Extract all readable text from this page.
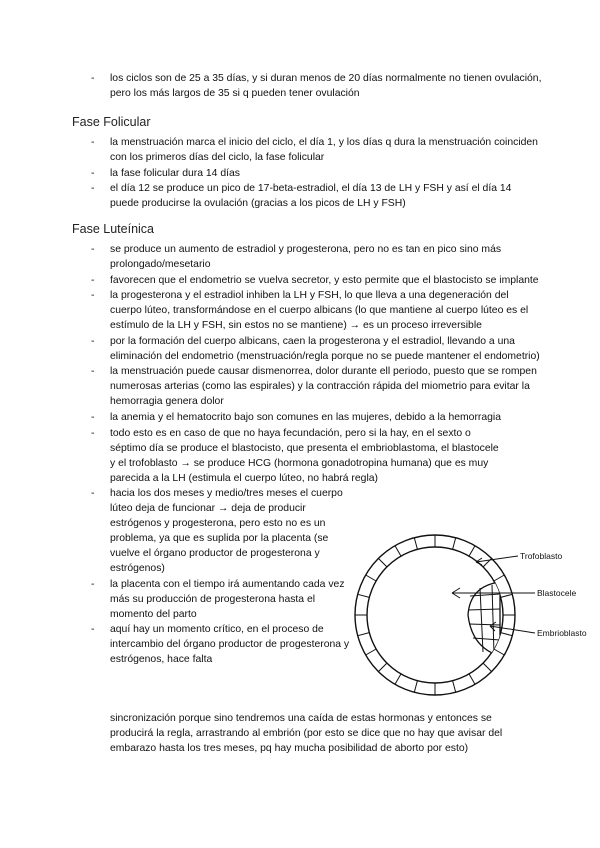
- los ciclos son de 25 a 35 días, y si duran menos de 20 días normalmente no tienen ovulación, pero los más largos de 35 si q pueden tener ovulación
Fase Folicular
- la menstruación marca el inicio del ciclo, el día 1, y los días q dura la menstruación coinciden con los primeros días del ciclo, la fase folicular
- la fase folicular dura 14 días
- el día 12 se produce un pico de 17-beta-estradiol, el día 13 de LH y FSH y así el día 14 puede producirse la ovulación (gracias a los picos de LH y FSH)
Fase Luteínica
- se produce un aumento de estradiol y progesterona, pero no es tan en pico sino más prolongado/mesetario
- favorecen que el endometrio se vuelva secretor, y esto permite que el blastocisto se implante
- la progesterona y el estradiol inhiben la LH y FSH, lo que lleva a una degeneración del cuerpo lúteo, transformándose en el cuerpo albicans (lo que mantiene al cuerpo lúteo es el estímulo de la LH y FSH, sin estos no se mantiene) → es un proceso irreversible
- por la formación del cuerpo albicans, caen la progesterona y el estradiol, llevando a una eliminación del endometrio (menstruación/regla porque no se puede mantener el endometrio)
- la menstruación puede causar dismenorrea, dolor durante ell periodo, puesto que se rompen numerosas arterias (como las espirales) y la contracción rápida del miometrio para evitar la hemorragia genera dolor
- la anemia y el hematocrito bajo son comunes en las mujeres, debido a la hemorragia
- todo esto es en caso de que no haya fecundación, pero si la hay, en el sexto o séptimo día se produce el blastocisto, que presenta el embrioblastoma, el blastocele y el trofoblasto → se produce HCG (hormona gonadotropina humana) que es muy parecida a la LH (estimula el cuerpo lúteo, no habrá regla)
- hacia los dos meses y medio/tres meses el cuerpo lúteo deja de funcionar → deja de producir estrógenos y progesterona, pero esto no es un problema, ya que es suplida por la placenta (se vuelve el órgano productor de progesterona y estrógenos)
- la placenta con el tiempo irá aumentando cada vez más su producción de progesterona hasta el momento del parto
- aquí hay un momento crítico, en el proceso de intercambio del órgano productor de progesterona y estrógenos, hace falta
sincronización porque sino tendremos una caída de estas hormonas y entonces se producirá la regla, arrastrando al embrión (por esto se dice que no hay que avisar del embarazo hasta los tres meses, pq hay mucha posibilidad de aborto por esto)
Trofoblasto
Blastocele
Embrioblasto
